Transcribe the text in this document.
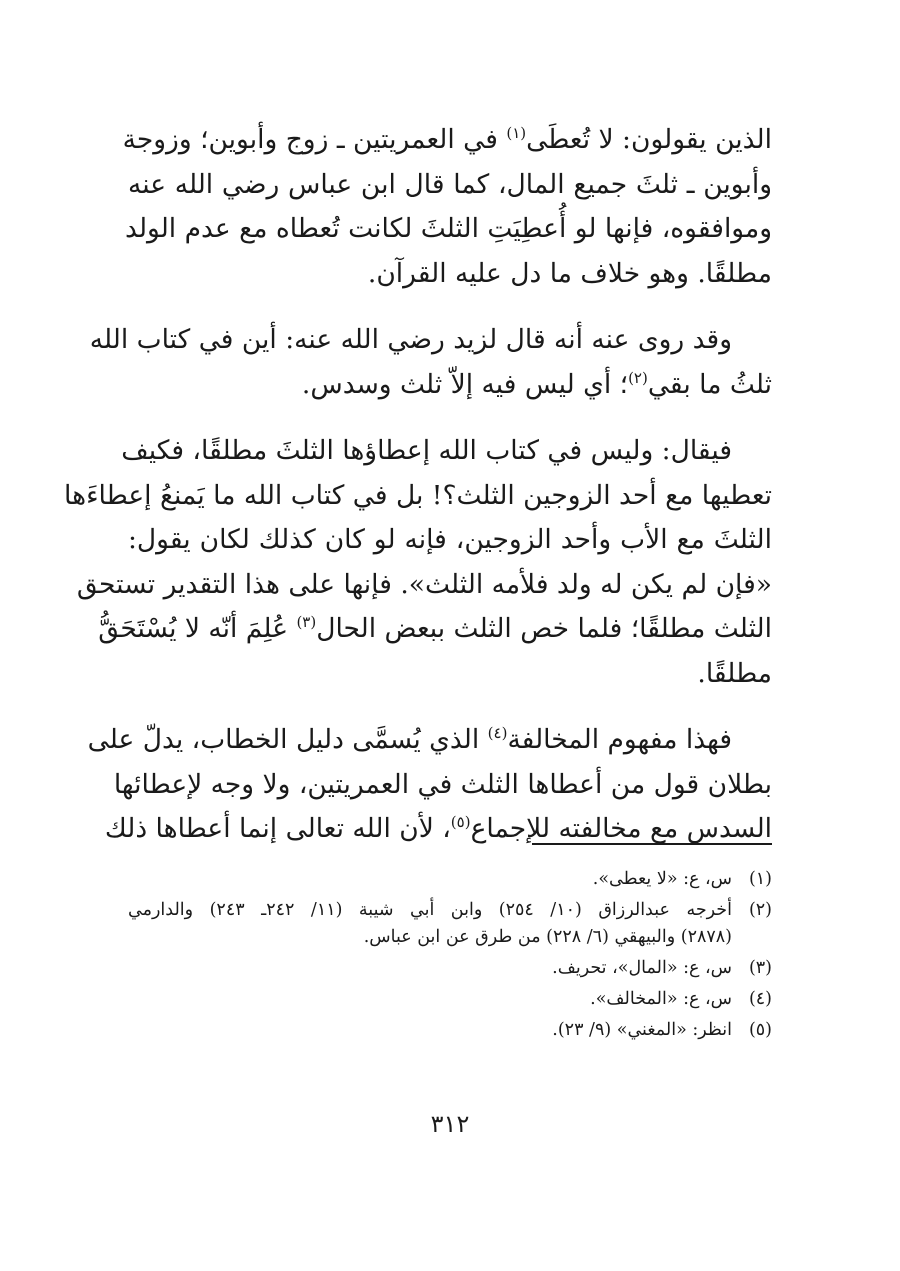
الذين يقولون: لا تُعطَى$^{(١)}$ في العمريتين ـ زوج وأبوين؛ وزوجة
وأبوين ـ ثلثَ جميع المال، كما قال ابن عباس رضي الله عنه
وموافقوه، فإنها لو أُعطِيَتِ الثلثَ لكانت تُعطاه مع عدم الولد
مطلقًا. وهو خلاف ما دل عليه القرآن.

وقد روى عنه أنه قال لزيد رضي الله عنه: أين في كتاب الله
ثلثُ ما بقي$^{(٢)}$؛ أي ليس فيه إلاّ ثلث وسدس.

فيقال: وليس في كتاب الله إعطاؤها الثلثَ مطلقًا، فكيف
تعطيها مع أحد الزوجين الثلث؟! بل في كتاب الله ما يَمنعُ إعطاءَها
الثلثَ مع الأب وأحد الزوجين، فإنه لو كان كذلك لكان يقول:
«فإن لم يكن له ولد فلأمه الثلث». فإنها على هذا التقدير تستحق
الثلث مطلقًا؛ فلما خص الثلث ببعض الحال$^{(٣)}$ عُلِمَ أنّه لا يُسْتَحَقُّ
مطلقًا.

فهذا مفهوم المخالفة$^{(٤)}$ الذي يُسمَّى دليل الخطاب، يدلّ على
بطلان قول من أعطاها الثلث في العمريتين، ولا وجه لإعطائها
السدس مع مخالفته للإجماع$^{(٥)}$، لأن الله تعالى إنما أعطاها ذلك

(١)
س، ع: «لا يعطى».
(٢)
أخرجه عبدالرزاق (١٠/ ٢٥٤) وابن أبي شيبة (١١/ ٢٤٢ـ ٢٤٣) والدارمي
(٢٨٧٨) والبيهقي (٦/ ٢٢٨) من طرق عن ابن عباس.
(٣)
س، ع: «المال»، تحريف.
(٤)
س، ع: «المخالف».
(٥)
انظر: «المغني» (٩/ ٢٣).
٣١٢
